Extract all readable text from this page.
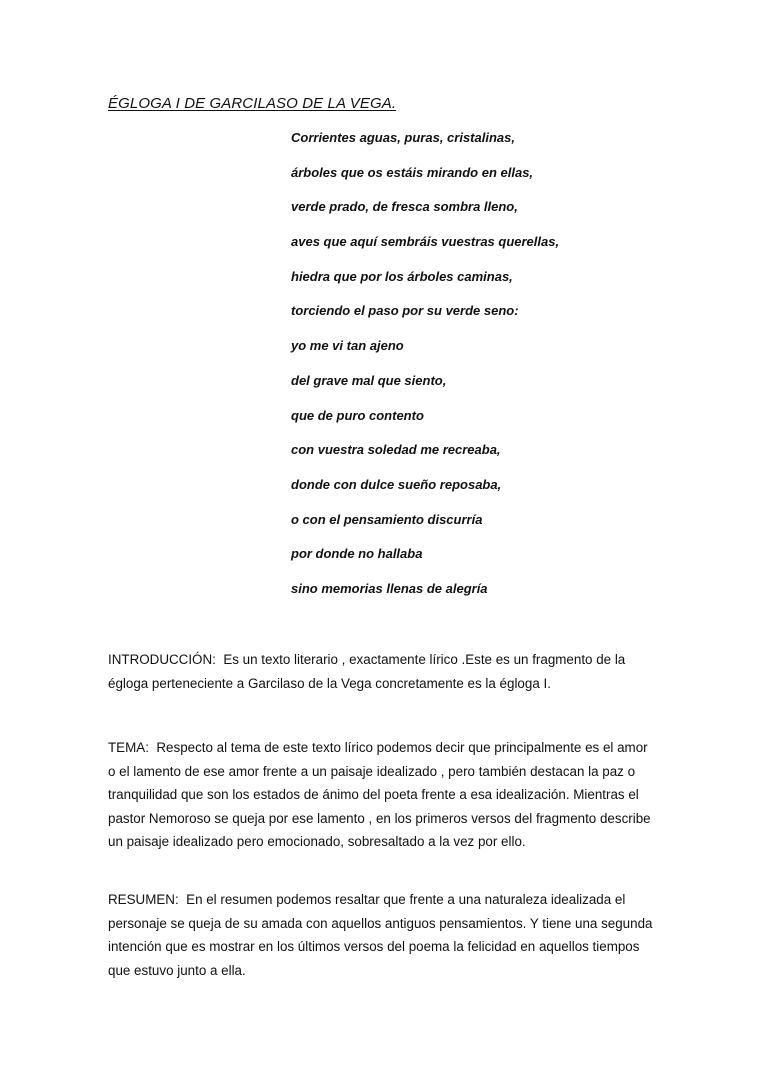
ÉGLOGA I DE GARCILASO DE LA VEGA.
Corrientes aguas, puras, cristalinas,
árboles que os estáis mirando en ellas,
verde prado, de fresca sombra lleno,
aves que aquí sembráis vuestras querellas,
hiedra que por los árboles caminas,
torciendo el paso por su verde seno:
yo me vi tan ajeno
del grave mal que siento,
que de puro contento
con vuestra soledad me recreaba,
donde con dulce sueño reposaba,
o con el pensamiento discurría
por donde no hallaba
sino memorias llenas de alegría

INTRODUCCIÓN: Es un texto literario , exactamente lírico .Este es un fragmento de la égloga perteneciente a Garcilaso de la Vega concretamente es la égloga I.

TEMA: Respecto al tema de este texto lírico podemos decir que principalmente es el amor o el lamento de ese amor frente a un paisaje idealizado , pero también destacan la paz o tranquilidad que son los estados de ánimo del poeta frente a esa idealización. Mientras el pastor Nemoroso se queja por ese lamento , en los primeros versos del fragmento describe un paisaje idealizado pero emocionado, sobresaltado a la vez por ello.

RESUMEN: En el resumen podemos resaltar que frente a una naturaleza idealizada el personaje se queja de su amada con aquellos antiguos pensamientos. Y tiene una segunda intención que es mostrar en los últimos versos del poema la felicidad en aquellos tiempos que estuvo junto a ella.
